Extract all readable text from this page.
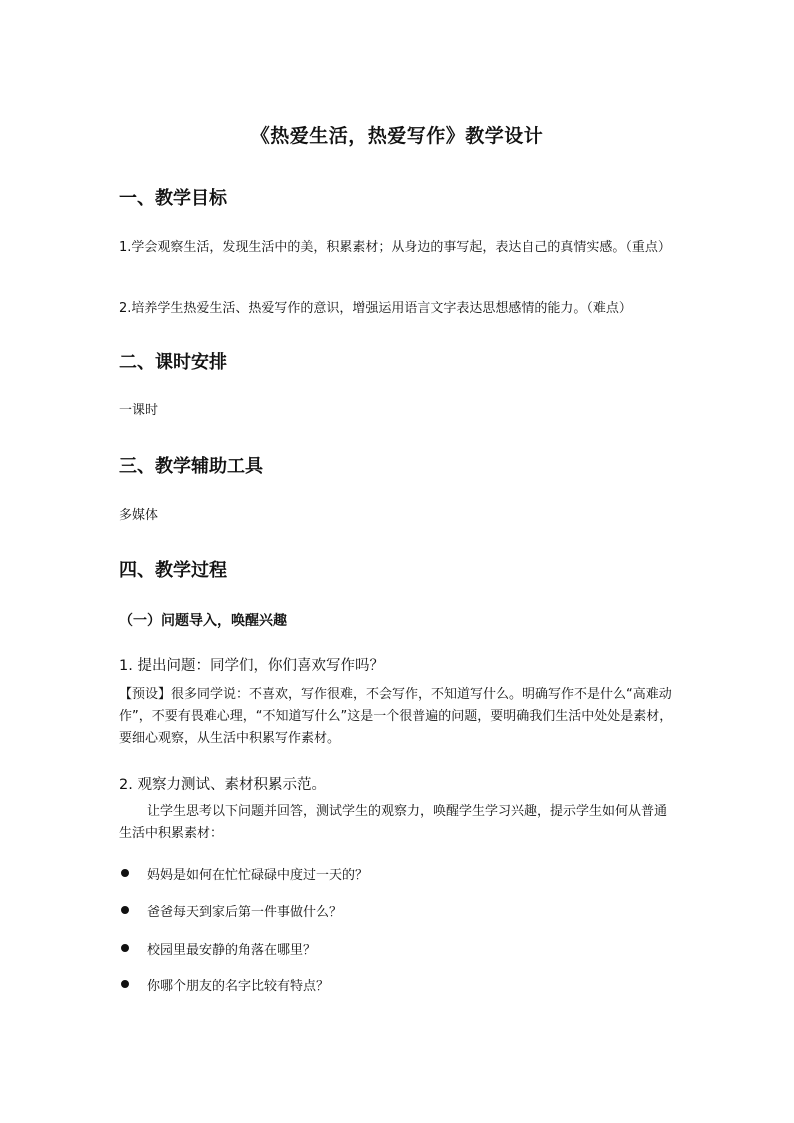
《热爱生活，热爱写作》教学设计
一、教学目标
1.学会观察生活，发现生活中的美，积累素材；从身边的事写起，表达自己的真情实感。（重点）
2.培养学生热爱生活、热爱写作的意识，增强运用语言文字表达思想感情的能力。（难点）
二、课时安排
一课时
三、教学辅助工具
多媒体
四、教学过程
（一）问题导入，唤醒兴趣
1. 提出问题：同学们，你们喜欢写作吗？
【预设】很多同学说：不喜欢，写作很难，不会写作，不知道写什么。明确写作不是什么“高难动作”，不要有畏难心理，“不知道写什么”这是一个很普遍的问题，要明确我们生活中处处是素材，要细心观察，从生活中积累写作素材。
2. 观察力测试、素材积累示范。
让学生思考以下问题并回答，测试学生的观察力，唤醒学生学习兴趣，提示学生如何从普通生活中积累素材：
妈妈是如何在忙忙碌碌中度过一天的？
爸爸每天到家后第一件事做什么？
校园里最安静的角落在哪里？
你哪个朋友的名字比较有特点？
